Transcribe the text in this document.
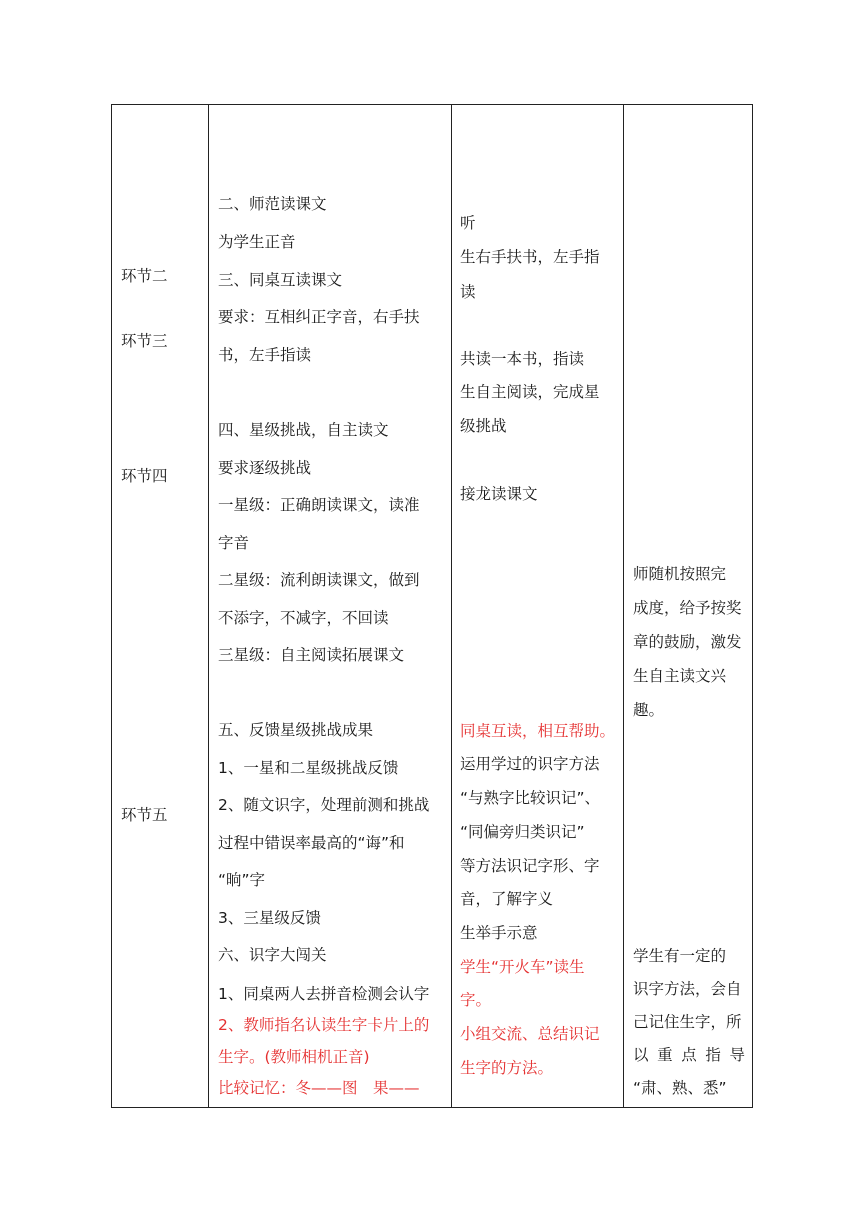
环节二
环节三
环节四
环节五
二、师范读课文
为学生正音
三、同桌互读课文
要求：互相纠正字音，右手扶
书，左手指读
四、星级挑战，自主读文
要求逐级挑战
一星级：正确朗读课文，读准
字音
二星级：流利朗读课文，做到
不添字，不减字，不回读
三星级：自主阅读拓展课文
五、反馈星级挑战成果
1、一星和二星级挑战反馈
2、随文识字，处理前测和挑战
过程中错误率最高的“诲”和
“晌”字
3、三星级反馈
六、识字大闯关
1、同桌两人去拼音检测会认字
2、教师指名认读生字卡片上的
生字。(教师相机正音)
比较记忆：冬——图　果——
听
生右手扶书，左手指
读
共读一本书，指读
生自主阅读，完成星
级挑战
接龙读课文
同桌互读，相互帮助。
运用学过的识字方法
“与熟字比较识记”、
“同偏旁归类识记”
等方法识记字形、字
音，了解字义
生举手示意
学生“开火车”读生
字。
小组交流、总结识记
生字的方法。
师随机按照完
成度，给予按奖
章的鼓励，激发
生自主读文兴
趣。
学生有一定的
识字方法，会自
己记住生字，所
以重点指导
“肃、熟、悉”
